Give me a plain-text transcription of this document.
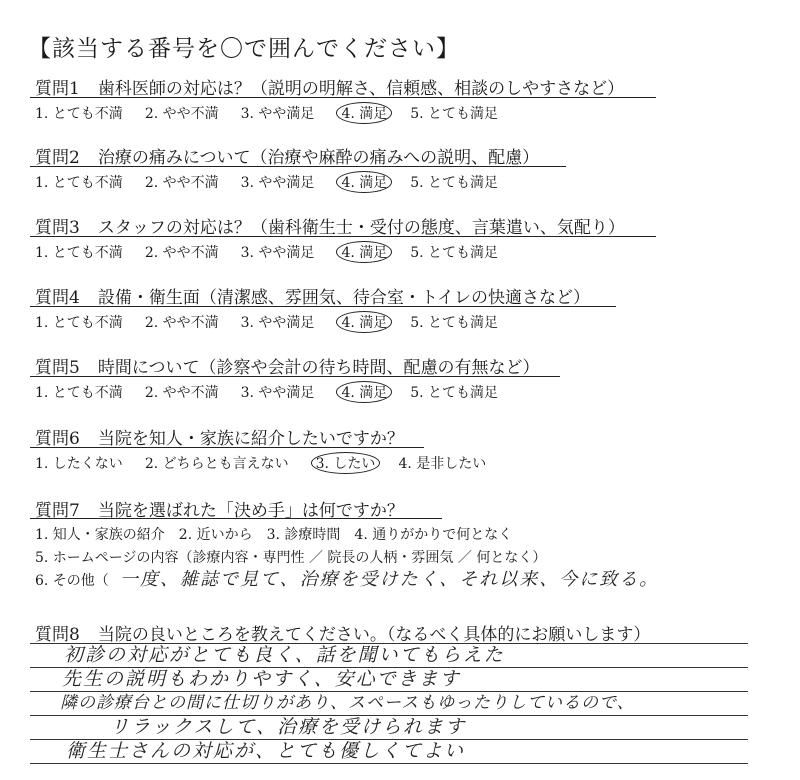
【該当する番号を〇で囲んでください】
質問1 歯科医師の対応は？（説明の明解さ、信頼感、相談のしやすさなど）
1. とても不満 2. やや不満 3. やや満足 4. 満足 5. とても満足
質問2 治療の痛みについて（治療や麻酔の痛みへの説明、配慮）
1. とても不満 2. やや不満 3. やや満足 4. 満足 5. とても満足
質問3 スタッフの対応は？（歯科衛生士・受付の態度、言葉遣い、気配り）
1. とても不満 2. やや不満 3. やや満足 4. 満足 5. とても満足
質問4 設備・衛生面（清潔感、雰囲気、待合室・トイレの快適さなど）
1. とても不満 2. やや不満 3. やや満足 4. 満足 5. とても満足
質問5 時間について（診察や会計の待ち時間、配慮の有無など）
1. とても不満 2. やや不満 3. やや満足 4. 満足 5. とても満足
質問6 当院を知人・家族に紹介したいですか？
1. したくない 2. どちらとも言えない 3. したい 4. 是非したい
質問7 当院を選ばれた「決め手」は何ですか？
1. 知人・家族の紹介　2. 近いから　3. 診療時間　4. 通りがかりで何となく
5. ホームページの内容（診療内容・専門性 ／ 院長の人柄・雰囲気 ／ 何となく）
6. その他（ 一度、雑誌で見て、治療を受けたく、それ以来、今に致る。
質問8 当院の良いところを教えてください。（なるべく具体的にお願いします）
初診の対応がとても良く、話を聞いてもらえた
先生の説明もわかりやすく、安心できます
隣の診療台との間に仕切りがあり、スペースもゆったりしているので、
リラックスして、治療を受けられます
衛生士さんの対応が、とても優しくてよい
